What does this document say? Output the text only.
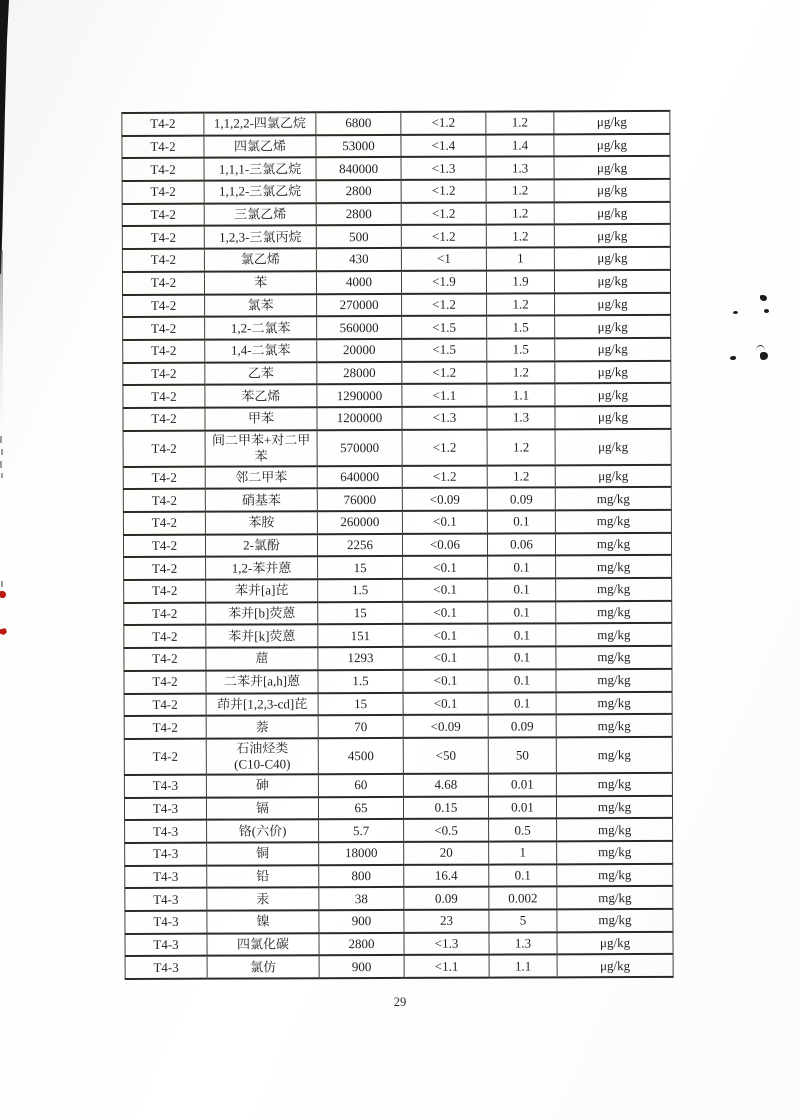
T4-2	1,1,2,2-四氯乙烷	6800	<1.2	1.2	μg/kg
T4-2	四氯乙烯	53000	<1.4	1.4	μg/kg
T4-2	1,1,1-三氯乙烷	840000	<1.3	1.3	μg/kg
T4-2	1,1,2-三氯乙烷	2800	<1.2	1.2	μg/kg
T4-2	三氯乙烯	2800	<1.2	1.2	μg/kg
T4-2	1,2,3-三氯丙烷	500	<1.2	1.2	μg/kg
T4-2	氯乙烯	430	<1	1	μg/kg
T4-2	苯	4000	<1.9	1.9	μg/kg
T4-2	氯苯	270000	<1.2	1.2	μg/kg
T4-2	1,2-二氯苯	560000	<1.5	1.5	μg/kg
T4-2	1,4-二氯苯	20000	<1.5	1.5	μg/kg
T4-2	乙苯	28000	<1.2	1.2	μg/kg
T4-2	苯乙烯	1290000	<1.1	1.1	μg/kg
T4-2	甲苯	1200000	<1.3	1.3	μg/kg
T4-2	间二甲苯+对二甲
苯	570000	<1.2	1.2	μg/kg
T4-2	邻二甲苯	640000	<1.2	1.2	μg/kg
T4-2	硝基苯	76000	<0.09	0.09	mg/kg
T4-2	苯胺	260000	<0.1	0.1	mg/kg
T4-2	2-氯酚	2256	<0.06	0.06	mg/kg
T4-2	1,2-苯并蒽	15	<0.1	0.1	mg/kg
T4-2	苯并[a]芘	1.5	<0.1	0.1	mg/kg
T4-2	苯并[b]荧蒽	15	<0.1	0.1	mg/kg
T4-2	苯并[k]荧蒽	151	<0.1	0.1	mg/kg
T4-2	䓛	1293	<0.1	0.1	mg/kg
T4-2	二苯并[a,h]蒽	1.5	<0.1	0.1	mg/kg
T4-2	茚并[1,2,3-cd]芘	15	<0.1	0.1	mg/kg
T4-2	萘	70	<0.09	0.09	mg/kg
T4-2	石油烃类
(C10-C40)	4500	<50	50	mg/kg
T4-3	砷	60	4.68	0.01	mg/kg
T4-3	镉	65	0.15	0.01	mg/kg
T4-3	铬(六价)	5.7	<0.5	0.5	mg/kg
T4-3	铜	18000	20	1	mg/kg
T4-3	铅	800	16.4	0.1	mg/kg
T4-3	汞	38	0.09	0.002	mg/kg
T4-3	镍	900	23	5	mg/kg
T4-3	四氯化碳	2800	<1.3	1.3	μg/kg
T4-3	氯仿	900	<1.1	1.1	μg/kg
29
